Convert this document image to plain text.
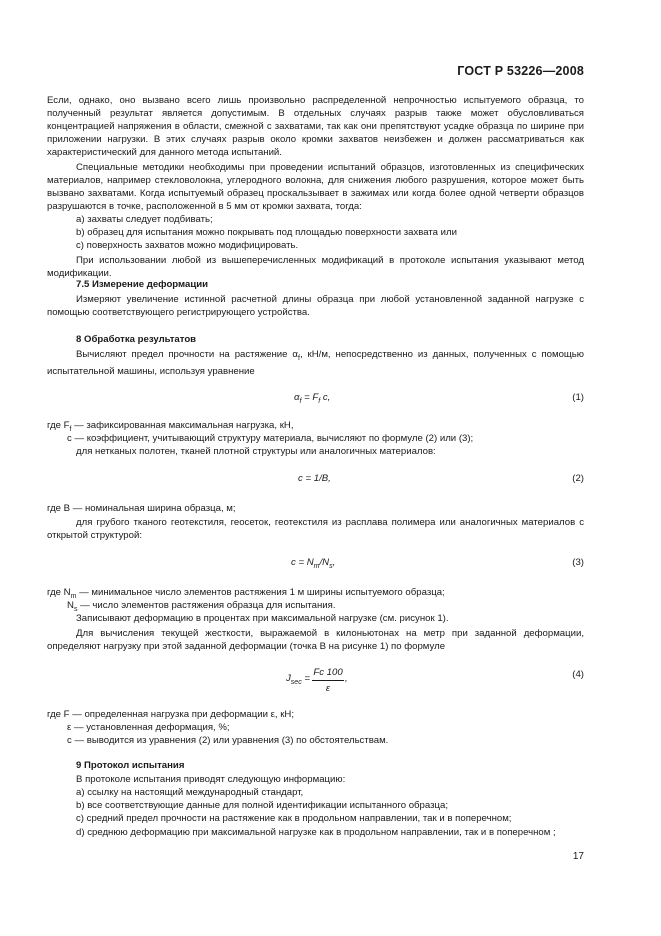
ГОСТ Р 53226—2008
Если, однако, оно вызвано всего лишь произвольно распределенной непрочностью испытуемого образца, то полученный результат является допустимым. В отдельных случаях разрыв также может обусловливаться концентрацией напряжения в области, смежной с захватами, так как они препятствуют усадке образца по ширине при приложении нагрузки. В этих случаях разрыв около кромки захватов неизбежен и должен рассматриваться как характеристический для данного метода испытаний.
Специальные методики необходимы при проведении испытаний образцов, изготовленных из специфических материалов, например стекловолокна, углеродного волокна, для снижения любого разрушения, которое может быть вызвано захватами. Когда испытуемый образец проскальзывает в зажимах или когда более одной четверти образцов разрушаются в точке, расположенной в 5 мм от кромки захвата, тогда:
a) захваты следует подбивать;
b) образец для испытания можно покрывать под площадью поверхности захвата или
c) поверхность захватов можно модифицировать.
При использовании любой из вышеперечисленных модификаций в протоколе испытания указывают метод модификации.
7.5 Измерение деформации
Измеряют увеличение истинной расчетной длины образца при любой установленной заданной нагрузке с помощью соответствующего регистрирующего устройства.
8 Обработка результатов
Вычисляют предел прочности на растяжение $\alpha_f$, кН/м, непосредственно из данных, полученных с помощью испытательной машины, используя уравнение
$\alpha_f = F_f$ c,	(1)
где $F_f$ — зафиксированная максимальная нагрузка, кН,
c — коэффициент, учитывающий структуру материала, вычисляют по формуле (2) или (3);
для нетканых полотен, тканей плотной структуры или аналогичных материалов:
c = 1/B,	(2)
где B — номинальная ширина образца, м;
для грубого тканого геотекстиля, геосеток, геотекстиля из расплава полимера или аналогичных материалов с открытой структурой:
$c = N_m/N_s$,	(3)
где $N_m$ — минимальное число элементов растяжения 1 м ширины испытуемого образца;
$N_s$ — число элементов растяжения образца для испытания.
Записывают деформацию в процентах при максимальной нагрузке (см. рисунок 1).
Для вычисления текущей жесткости, выражаемой в килоньютонах на метр при заданной деформации, определяют нагрузку при этой заданной деформации (точка B на рисунке 1) по формуле
$J_{sec}$ =
Fc 100
ε
,	(4)
где F — определенная нагрузка при деформации ε, кН;
ε — установленная деформация, %;
c — выводится из уравнения (2) или уравнения (3) по обстоятельствам.
9 Протокол испытания
В протоколе испытания приводят следующую информацию:
a) ссылку на настоящий международный стандарт,
b) все соответствующие данные для полной идентификации испытанного образца;
c) средний предел прочности на растяжение как в продольном направлении, так и в поперечном;
d) среднюю деформацию при максимальной нагрузке как в продольном направлении, так и в поперечном ;
17
